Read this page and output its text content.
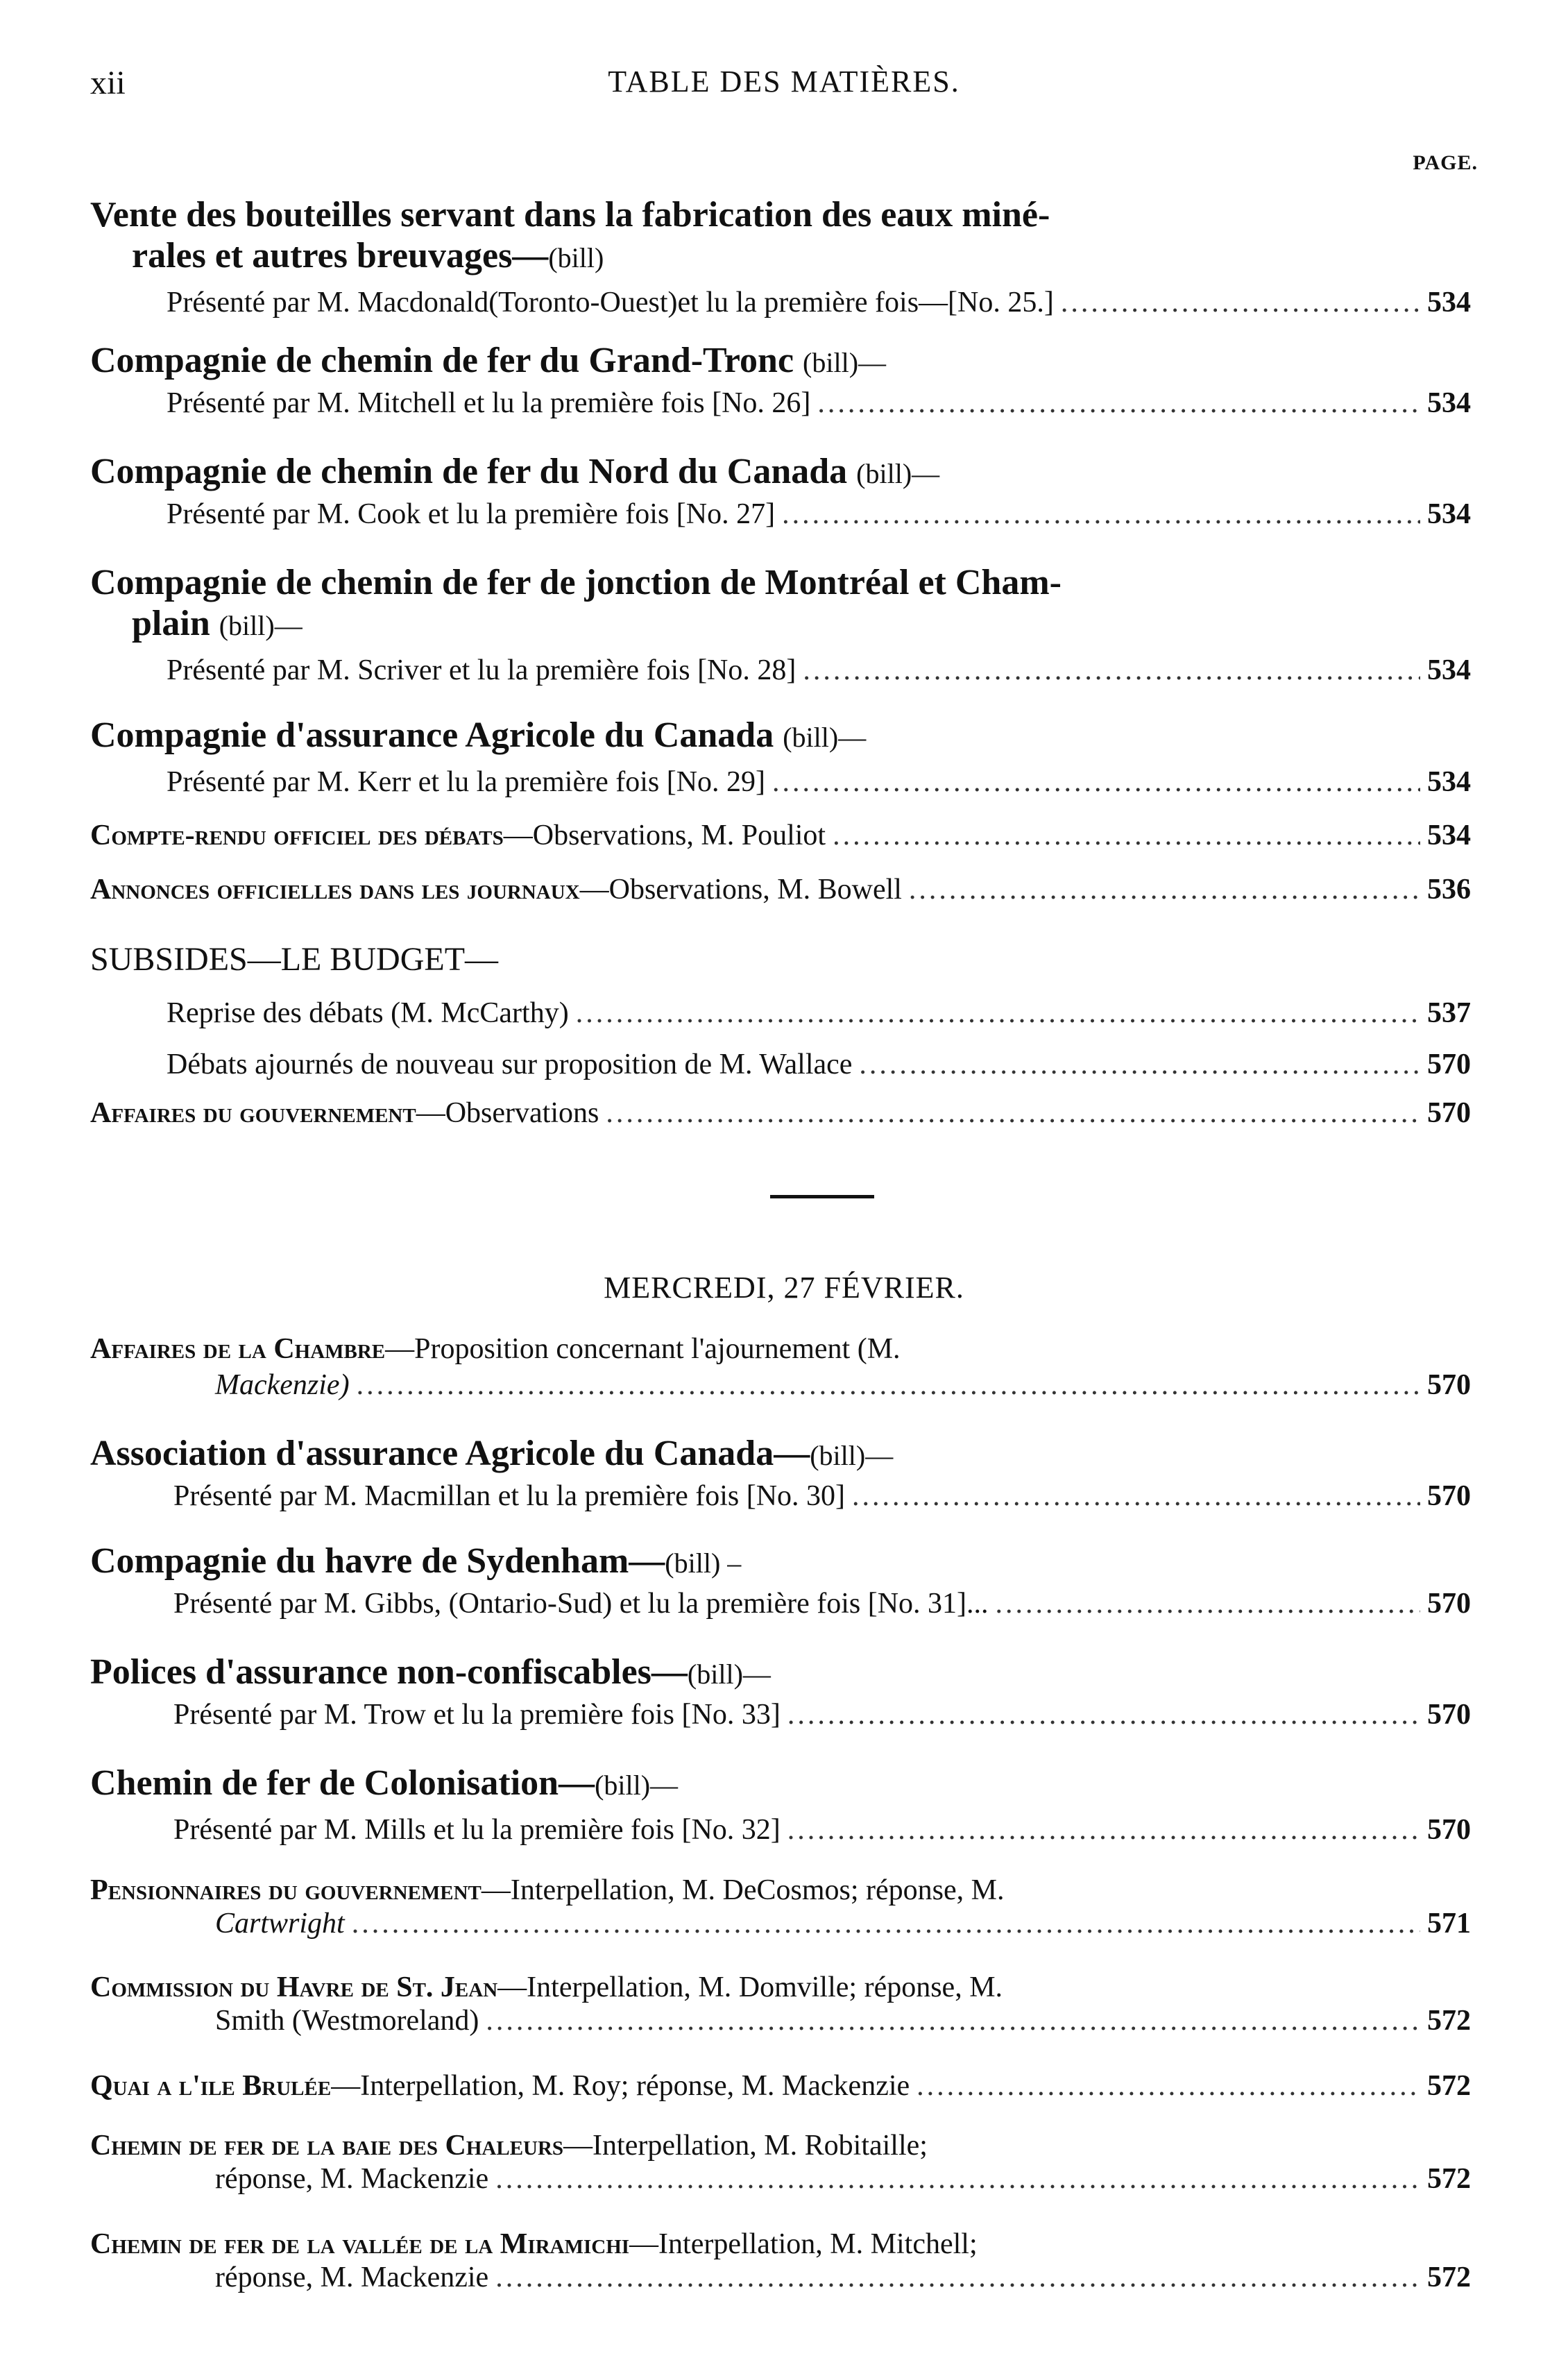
xii	TABLE DES MATIÈRES.
PAGE.
Vente des bouteilles servant dans la fabrication des eaux miné-
rales et autres breuvages—(bill)
Présenté par M. Macdonald(Toronto-Ouest)et lu la première fois—[No. 25.] .....	534
Compagnie de chemin de fer du Grand-Tronc (bill)—
Présenté par M. Mitchell et lu la première fois [No. 26] .....	534
Compagnie de chemin de fer du Nord du Canada (bill)—
Présenté par M. Cook et lu la première fois [No. 27] .....	534
Compagnie de chemin de fer de jonction de Montréal et Cham-
plain (bill)—
Présenté par M. Scriver et lu la première fois [No. 28] .....	534
Compagnie d'assurance Agricole du Canada (bill)—
Présenté par M. Kerr et lu la première fois [No. 29] .....	534
Compte-rendu officiel des débats—Observations, M. Pouliot .....	534
Annonces officielles dans les journaux—Observations, M. Bowell .....	536
SUBSIDES—LE BUDGET—
Reprise des débats (M. McCarthy) .....	537
Débats ajournés de nouveau sur proposition de M. Wallace .....	570
Affaires du gouvernement—Observations .....	570
MERCREDI, 27 FÉVRIER.
Affaires de la Chambre—Proposition concernant l'ajournement (M.
Mackenzie) .....	570
Association d'assurance Agricole du Canada—(bill)—
Présenté par M. Macmillan et lu la première fois [No. 30] .....	570
Compagnie du havre de Sydenham—(bill) –
Présenté par M. Gibbs, (Ontario-Sud) et lu la première fois [No. 31]... .....	570
Polices d'assurance non-confiscables—(bill)—
Présenté par M. Trow et lu la première fois [No. 33] .....	570
Chemin de fer de Colonisation—(bill)—
Présenté par M. Mills et lu la première fois [No. 32] .....	570
Pensionnaires du gouvernement—Interpellation, M. DeCosmos; réponse, M.
Cartwright .....	571
Commission du Havre de St. Jean—Interpellation, M. Domville; réponse, M.
Smith (Westmoreland) .....	572
Quai a l'ile Brulée—Interpellation, M. Roy; réponse, M. Mackenzie .....	572
Chemin de fer de la baie des Chaleurs—Interpellation, M. Robitaille;
réponse, M. Mackenzie .....	572
Chemin de fer de la vallée de la Miramichi—Interpellation, M. Mitchell;
réponse, M. Mackenzie .....	572
